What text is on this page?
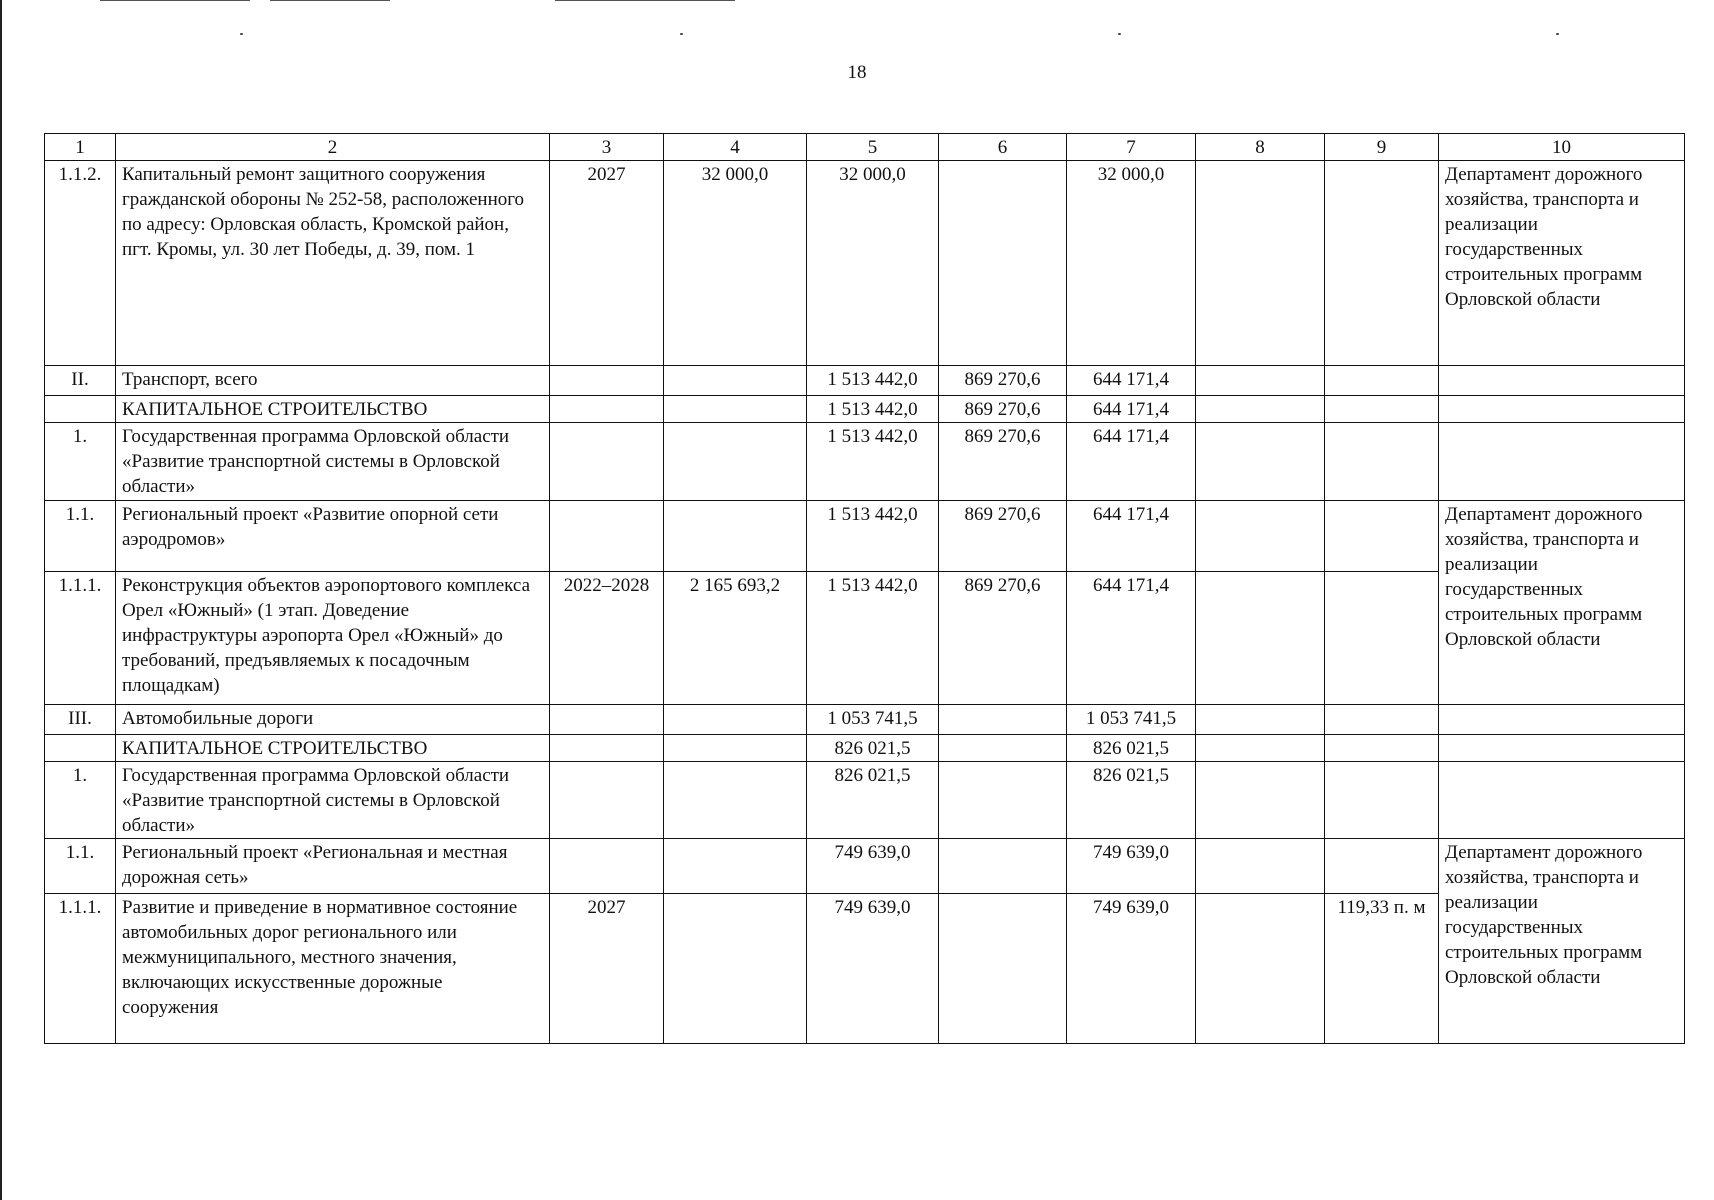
18
1	2	3	4	5	6	7	8	9	10
1.1.2.	Капитальный ремонт защитного сооружения гражданской обороны № 252-58, расположенного по адресу: Орловская область, Кромской район, пгт. Кромы, ул. 30 лет Победы, д. 39, пом. 1	2027	32 000,0	32 000,0		32 000,0			Департамент дорожного хозяйства, транспорта и реализации государственных строительных программ Орловской области
II.	Транспорт, всего			1 513 442,0	869 270,6	644 171,4			
	КАПИТАЛЬНОЕ СТРОИТЕЛЬСТВО			1 513 442,0	869 270,6	644 171,4			
1.	Государственная программа Орловской области «Развитие транспортной системы в Орловской области»			1 513 442,0	869 270,6	644 171,4			
1.1.	Региональный проект «Развитие опорной сети аэродромов»			1 513 442,0	869 270,6	644 171,4			Департамент дорожного хозяйства, транспорта и реализации государственных строительных программ Орловской области
1.1.1.	Реконструкция объектов аэропортового комплекса Орел «Южный» (1 этап. Доведение инфраструктуры аэропорта Орел «Южный» до требований, предъявляемых к посадочным площадкам)	2022–2028	2 165 693,2	1 513 442,0	869 270,6	644 171,4			
III.	Автомобильные дороги			1 053 741,5		1 053 741,5			
	КАПИТАЛЬНОЕ СТРОИТЕЛЬСТВО			826 021,5		826 021,5			
1.	Государственная программа Орловской области «Развитие транспортной системы в Орловской области»			826 021,5		826 021,5			
1.1.	Региональный проект «Региональная и местная дорожная сеть»			749 639,0		749 639,0			Департамент дорожного хозяйства, транспорта и реализации государственных строительных программ Орловской области
1.1.1.	Развитие и приведение в нормативное состояние автомобильных дорог регионального или межмуниципального, местного значения, включающих искусственные дорожные сооружения	2027		749 639,0		749 639,0		119,33 п. м	
